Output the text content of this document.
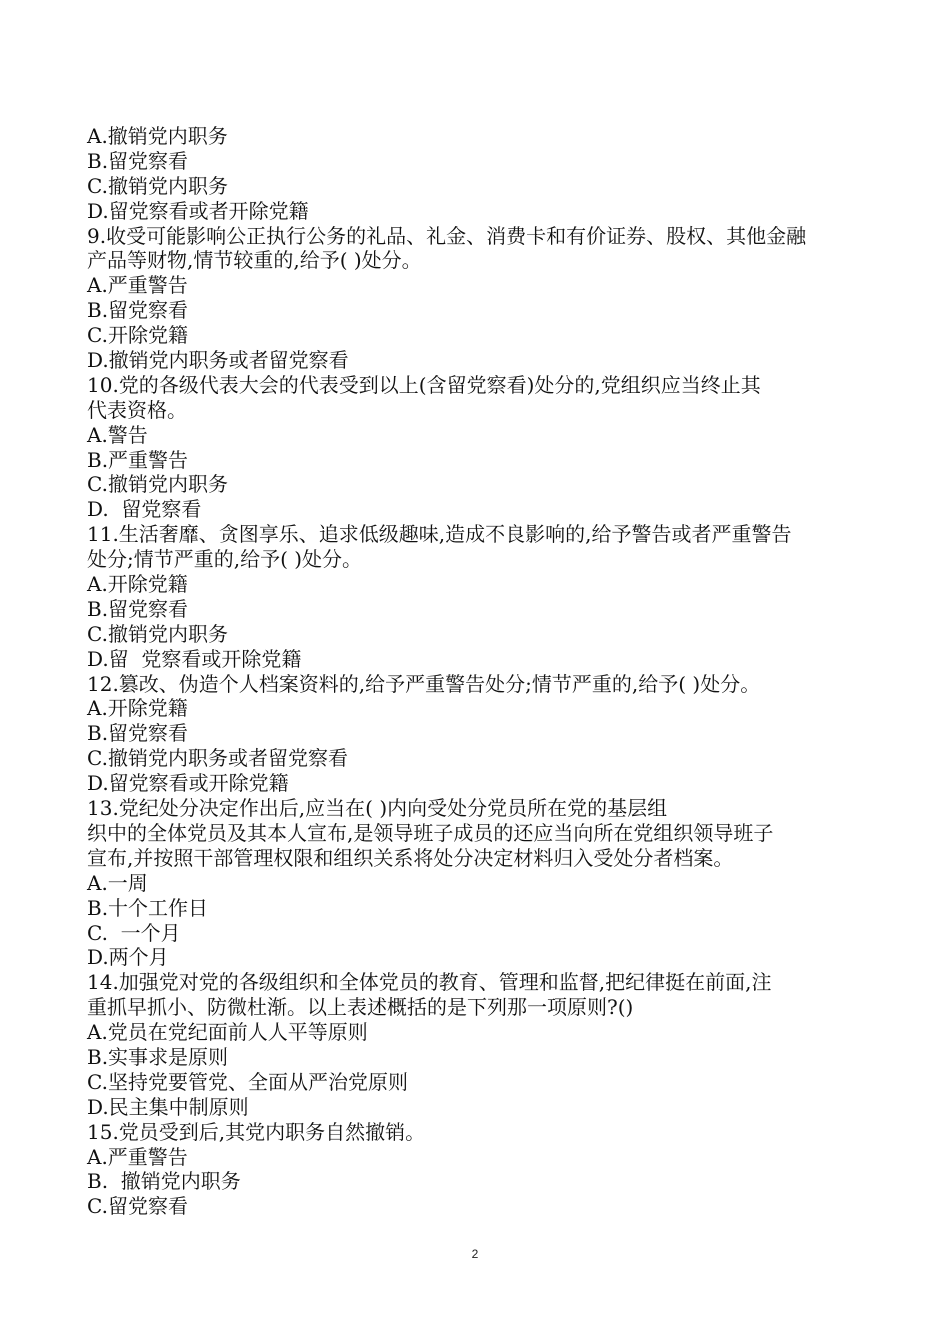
A.撤销党内职务
B.留党察看
C.撤销党内职务
D.留党察看或者开除党籍
9.收受可能影响公正执行公务的礼品、礼金、消费卡和有价证券、股权、其他金融
产品等财物,情节较重的,给予( )处分。
A.严重警告
B.留党察看
C.开除党籍
D.撤销党内职务或者留党察看
10.党的各级代表大会的代表受到以上(含留党察看)处分的,党组织应当终止其
代表资格。
A.警告
B.严重警告
C.撤销党内职务
D.  留党察看
11.生活奢靡、贪图享乐、追求低级趣味,造成不良影响的,给予警告或者严重警告
处分;情节严重的,给予( )处分。
A.开除党籍
B.留党察看
C.撤销党内职务
D.留  党察看或开除党籍
12.篡改、伪造个人档案资料的,给予严重警告处分;情节严重的,给予( )处分。
A.开除党籍
B.留党察看
C.撤销党内职务或者留党察看
D.留党察看或开除党籍
13.党纪处分决定作出后,应当在( )内向受处分党员所在党的基层组
织中的全体党员及其本人宣布,是领导班子成员的还应当向所在党组织领导班子
宣布,并按照干部管理权限和组织关系将处分决定材料归入受处分者档案。
A.一周
B.十个工作日
C.  一个月
D.两个月
14.加强党对党的各级组织和全体党员的教育、管理和监督,把纪律挺在前面,注
重抓早抓小、防微杜渐。以上表述概括的是下列那一项原则?()
A.党员在党纪面前人人平等原则
B.实事求是原则
C.坚持党要管党、全面从严治党原则
D.民主集中制原则
15.党员受到后,其党内职务自然撤销。
A.严重警告
B.  撤销党内职务
C.留党察看
2
